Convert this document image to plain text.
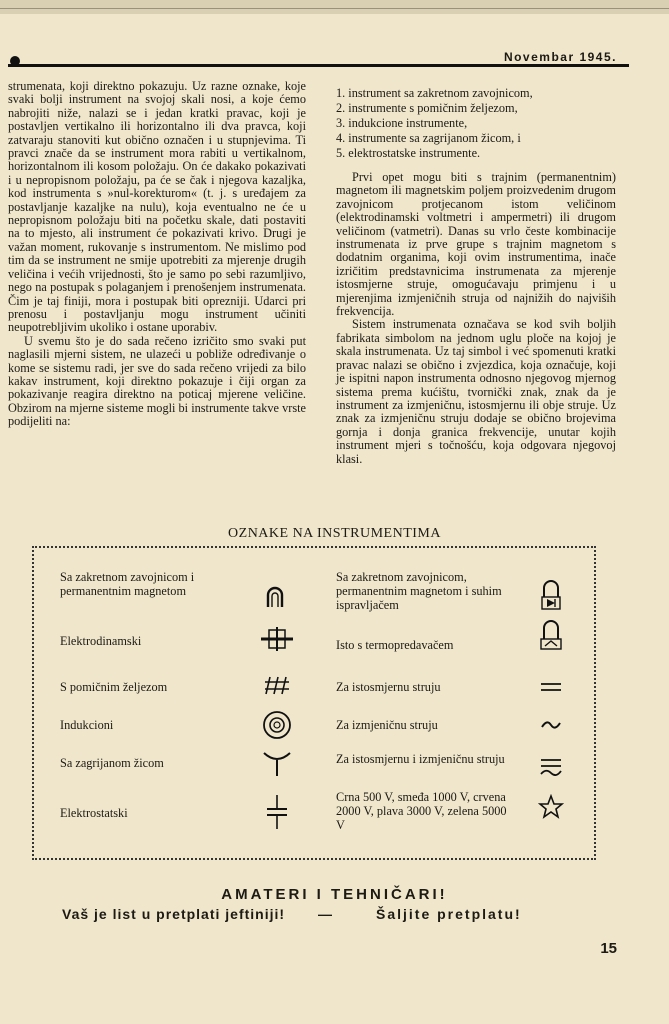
Novembar 1945.

strumenata, koji direktno pokazuju. Uz razne oznake, koje svaki bolji instrument na svojoj skali nosi, a koje ćemo nabrojiti niže, nalazi se i jedan kratki pravac, koji je postavljen vertikalno ili horizontalno ili dva pravca, koji zatvaraju stanoviti kut obično označen i u stupnjevima. Ti pravci znače da se instrument mora rabiti u vertikalnom, horizontalnom ili kosom položaju. On će dakako pokazivati i u nepropisnom položaju, pa će se čak i njegova kazaljka, kod instrumenta s »nul-korekturom« (t. j. s uređajem za postavljanje kazaljke na nulu), koja eventualno ne će u nepropisnom položaju biti na početku skale, dati postaviti na to mjesto, ali instrument će pokazivati krivo. Drugi je važan moment, rukovanje s instrumentom. Ne mislimo pod tim da se instrument ne smije upotrebiti za mjerenje drugih veličina i većih vrijednosti, što je samo po sebi razumljivo, nego na postupak s polaganjem i prenošenjem instrumenata. Čim je taj finiji, mora i postupak biti oprezniji. Udarci pri prenosu i postavljanju mogu instrument učiniti neupotrebljivim ukoliko i ostane uporabiv.

U svemu što je do sada rečeno izričito smo svaki put naglasili mjerni sistem, ne ulazeći u pobliže određivanje o kome se sistemu radi, jer sve do sada rečeno vrijedi za bilo kakav instrument, koji direktno pokazuje i čiji organ za pokazivanje reagira direktno na poticaj mjerene veličine. Obzirom na mjerne sisteme mogli bi instrumente takve vrste podijeliti na:

1. instrument sa zakretnom zavojnicom,
2. instrumente s pomičnim željezom,
3. indukcione instrumente,
4. instrumente sa zagrijanom žicom, i
5. elektrostatske instrumente.

Prvi opet mogu biti s trajnim (permanentnim) magnetom ili magnetskim poljem proizvedenim drugom zavojnicom protjecanom istom veličinom (elektrodinamski voltmetri i ampermetri) ili drugom veličinom (vatmetri). Danas su vrlo česte kombinacije instrumenata iz prve grupe s trajnim magnetom s dodatnim organima, koji ovim instrumentima, inače izričitim predstavnicima instrumenata za mjerenje istosmjerne struje, omogućavaju primjenu i u mjerenjima izmjeničnih struja od najnižih do najviših frekvencija.

Sistem instrumenata označava se kod svih boljih fabrikata simbolom na jednom uglu ploče na kojoj je skala instrumenata. Uz taj simbol i već spomenuti kratki pravac nalazi se obično i zvjezdica, koja označuje, koji je ispitni napon instrumenta odnosno njegovog mjernog sistema prema kućištu, tvornički znak, znak da je instrument za izmjeničnu, istosmjernu ili obje struje. Uz znak za izmjeničnu struju dodaje se obično brojevima gornja i donja granica frekvencije, unutar kojih instrument mjeri s točnošću, koja odgovara njegovoj klasi.

OZNAKE NA INSTRUMENTIMA
Sa zakretnom zavojnicom i permanentnim magnetom
Elektrodinamski
S pomičnim željezom
Indukcioni
Sa zagrijanom žicom
Elektrostatski
Sa zakretnom zavojnicom, permanentnim magnetom i suhim ispravljačem
Isto s termopredavačem
Za istosmjernu struju
Za izmjeničnu struju
Za istosmjernu i izmjeničnu struju
Crna 500 V, smeđa 1000 V, crvena 2000 V, plava 3000 V, zelena 5000 V
AMATERI I TEHNIČARI!
Vaš je list u pretplati jeftiniji! —	Šaljite pretplatu!
15
